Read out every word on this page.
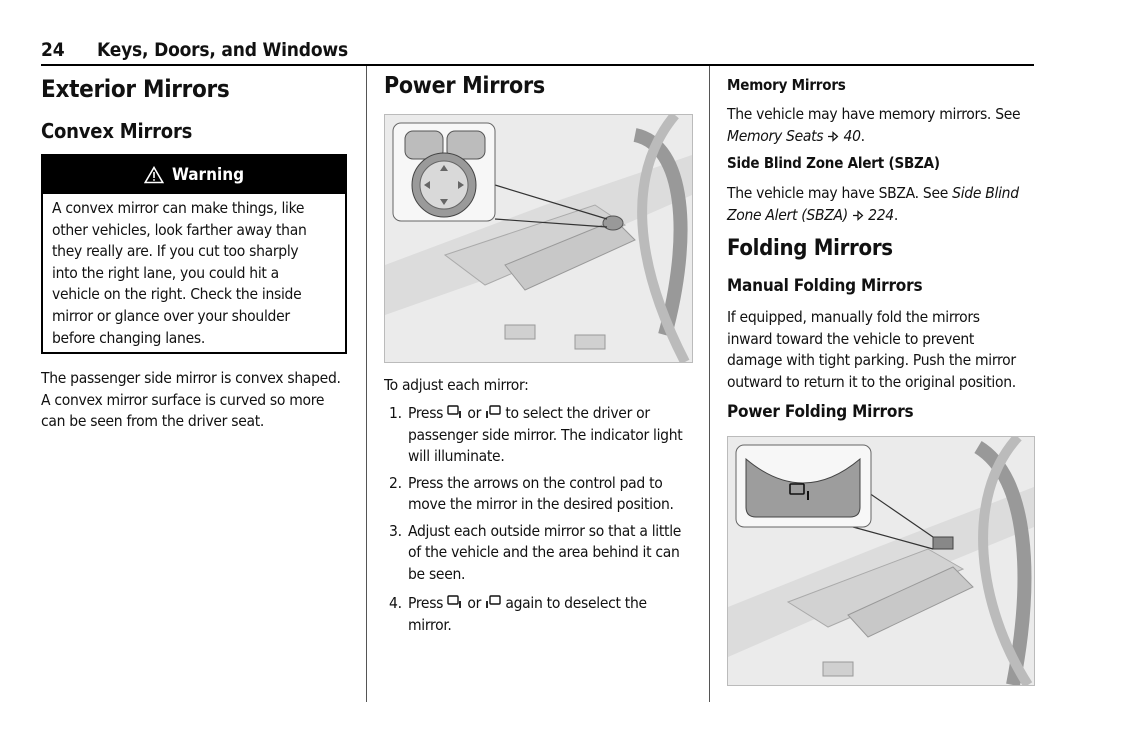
24 Keys, Doors, and Windows
Exterior Mirrors
Convex Mirrors
Warning
A convex mirror can make things, like
other vehicles, look farther away than
they really are. If you cut too sharply
into the right lane, you could hit a
vehicle on the right. Check the inside
mirror or glance over your shoulder
before changing lanes.
The passenger side mirror is convex shaped.
A convex mirror surface is curved so more
can be seen from the driver seat.
Power Mirrors
To adjust each mirror:
1. Press or to select the driver or
passenger side mirror. The indicator light
will illuminate.
2. Press the arrows on the control pad to
move the mirror in the desired position.
3. Adjust each outside mirror so that a little
of the vehicle and the area behind it can
be seen.
4. Press or again to deselect the
mirror.
Memory Mirrors
The vehicle may have memory mirrors. See
Memory Seats 40.
Side Blind Zone Alert (SBZA)
The vehicle may have SBZA. See Side Blind
Zone Alert (SBZA) 224.
Folding Mirrors
Manual Folding Mirrors
If equipped, manually fold the mirrors
inward toward the vehicle to prevent
damage with tight parking. Push the mirror
outward to return it to the original position.
Power Folding Mirrors
